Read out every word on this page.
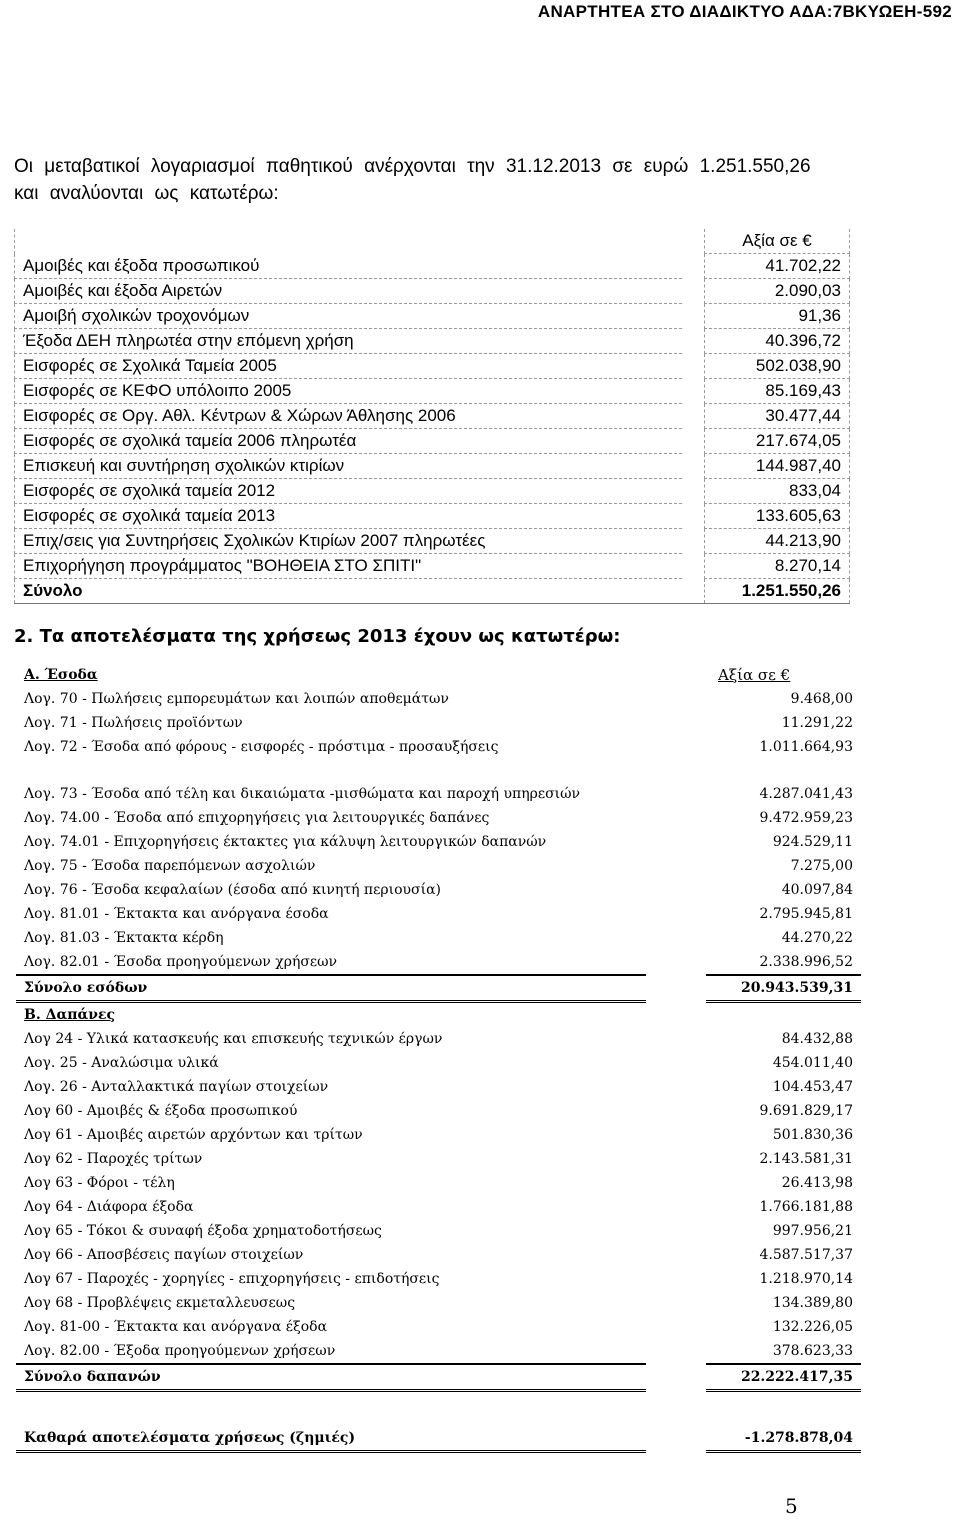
ΑΝΑΡΤΗΤΕΑ ΣΤΟ ΔΙΑΔΙΚΤΥΟ ΑΔΑ:7ΒΚΥΩΕΗ-592
Οι μεταβατικοί λογαριασμοί παθητικού ανέρχονται την 31.12.2013 σε ευρώ 1.251.550,26 και αναλύονται ως κατωτέρω:
		Αξία σε €
Αμοιβές και έξοδα προσωπικού		41.702,22
Αμοιβές και έξοδα Αιρετών		2.090,03
Αμοιβή σχολικών τροχονόμων		91,36
Έξοδα ΔΕΗ πληρωτέα στην επόμενη χρήση		40.396,72
Εισφορές σε Σχολικά Ταμεία 2005		502.038,90
Εισφορές σε ΚΕΦΟ υπόλοιπο 2005		85.169,43
Εισφορές σε Οργ. Αθλ. Κέντρων & Χώρων Άθλησης 2006		30.477,44
Εισφορές σε σχολικά ταμεία 2006 πληρωτέα		217.674,05
Επισκευή και συντήρηση σχολικών κτιρίων		144.987,40
Εισφορές σε σχολικά ταμεία 2012		833,04
Εισφορές σε σχολικά ταμεία 2013		133.605,63
Επιχ/σεις για Συντηρήσεις Σχολικών Κτιρίων 2007 πληρωτέες		44.213,90
Επιχορήγηση προγράμματος "ΒΟΗΘΕΙΑ ΣΤΟ ΣΠΙΤΙ"		8.270,14
Σύνολο		1.251.550,26
2. Τα αποτελέσματα της χρήσεως 2013 έχουν ως κατωτέρω:
Α. Έσοδα		Αξία σε €
Λογ. 70 - Πωλήσεις εμπορευμάτων και λοιπών αποθεμάτων		9.468,00
Λογ. 71 - Πωλήσεις προϊόντων		11.291,22
Λογ. 72 - Έσοδα από φόρους - εισφορές - πρόστιμα - προσαυξήσεις		1.011.664,93

Λογ. 73 - Έσοδα από τέλη και δικαιώματα -μισθώματα και παροχή υπηρεσιών		4.287.041,43
Λογ. 74.00 - Έσοδα από επιχορηγήσεις για λειτουργικές δαπάνες		9.472.959,23
Λογ. 74.01 - Επιχορηγήσεις έκτακτες για κάλυψη λειτουργικών δαπανών		924.529,11
Λογ. 75 - Έσοδα παρεπόμενων ασχολιών		7.275,00
Λογ. 76 - Έσοδα κεφαλαίων (έσοδα από κινητή περιουσία)		40.097,84
Λογ. 81.01 - Έκτακτα και ανόργανα έσοδα		2.795.945,81
Λογ. 81.03 - Έκτακτα κέρδη		44.270,22
Λογ. 82.01 - Έσοδα προηγούμενων χρήσεων		2.338.996,52
Σύνολο εσόδων		20.943.539,31
Β. Δαπάνες		
Λογ 24 - Υλικά κατασκευής και επισκευής τεχνικών έργων		84.432,88
Λογ. 25 - Αναλώσιμα υλικά		454.011,40
Λογ. 26 - Ανταλλακτικά παγίων στοιχείων		104.453,47
Λογ 60 - Αμοιβές & έξοδα προσωπικού		9.691.829,17
Λογ 61 - Αμοιβές αιρετών αρχόντων και τρίτων		501.830,36
Λογ 62 - Παροχές τρίτων		2.143.581,31
Λογ 63 - Φόροι - τέλη		26.413,98
Λογ 64 - Διάφορα έξοδα		1.766.181,88
Λογ 65 - Τόκοι & συναφή έξοδα χρηματοδοτήσεως		997.956,21
Λογ 66 - Αποσβέσεις παγίων στοιχείων		4.587.517,37
Λογ 67 - Παροχές - χορηγίες - επιχορηγήσεις - επιδοτήσεις		1.218.970,14
Λογ 68 - Προβλέψεις εκμεταλλευσεως		134.389,80
Λογ. 81-00 - Έκτακτα και ανόργανα έξοδα		132.226,05
Λογ. 82.00 - Έξοδα προηγούμενων χρήσεων		378.623,33
Σύνολο δαπανών		22.222.417,35

Καθαρά αποτελέσματα χρήσεως (ζημιές)		-1.278.878,04
5
